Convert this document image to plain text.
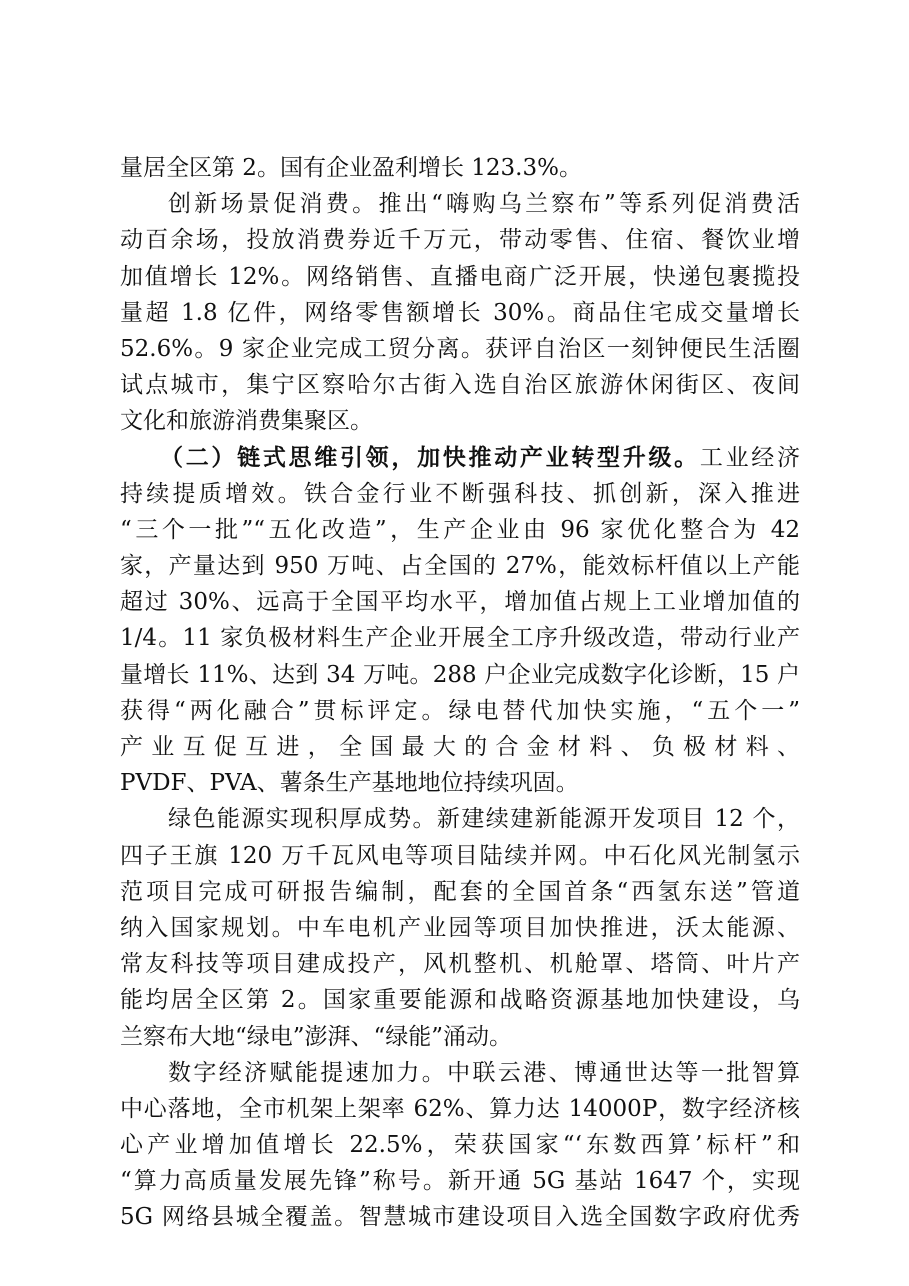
量居全区第 2。国有企业盈利增长 123.3%。
创新场景促消费。推出“嗨购乌兰察布”等系列促消费活
动百余场，投放消费券近千万元，带动零售、住宿、餐饮业增
加值增长 12%。网络销售、直播电商广泛开展，快递包裹揽投
量超 1.8 亿件，网络零售额增长 30%。商品住宅成交量增长
52.6%。9 家企业完成工贸分离。获评自治区一刻钟便民生活圈
试点城市，集宁区察哈尔古街入选自治区旅游休闲街区、夜间
文化和旅游消费集聚区。
（二）链式思维引领，加快推动产业转型升级。工业经济
持续提质增效。铁合金行业不断强科技、抓创新，深入推进
“三个一批”“五化改造”，生产企业由 96 家优化整合为 42
家，产量达到 950 万吨、占全国的 27%，能效标杆值以上产能
超过 30%、远高于全国平均水平，增加值占规上工业增加值的
1/4。11 家负极材料生产企业开展全工序升级改造，带动行业产
量增长 11%、达到 34 万吨。288 户企业完成数字化诊断，15 户
获得“两化融合”贯标评定。绿电替代加快实施，“五个一”
产业互促互进，全国最大的合金材料、负极材料、
PVDF、PVA、薯条生产基地地位持续巩固。
绿色能源实现积厚成势。新建续建新能源开发项目 12 个，
四子王旗 120 万千瓦风电等项目陆续并网。中石化风光制氢示
范项目完成可研报告编制，配套的全国首条“西氢东送”管道
纳入国家规划。中车电机产业园等项目加快推进，沃太能源、
常友科技等项目建成投产，风机整机、机舱罩、塔筒、叶片产
能均居全区第 2。国家重要能源和战略资源基地加快建设，乌
兰察布大地“绿电”澎湃、“绿能”涌动。
数字经济赋能提速加力。中联云港、博通世达等一批智算
中心落地，全市机架上架率 62%、算力达 14000P，数字经济核
心产业增加值增长 22.5%，荣获国家“‘东数西算’标杆”和
“算力高质量发展先锋”称号。新开通 5G 基站 1647 个，实现
5G 网络县城全覆盖。智慧城市建设项目入选全国数字政府优秀
